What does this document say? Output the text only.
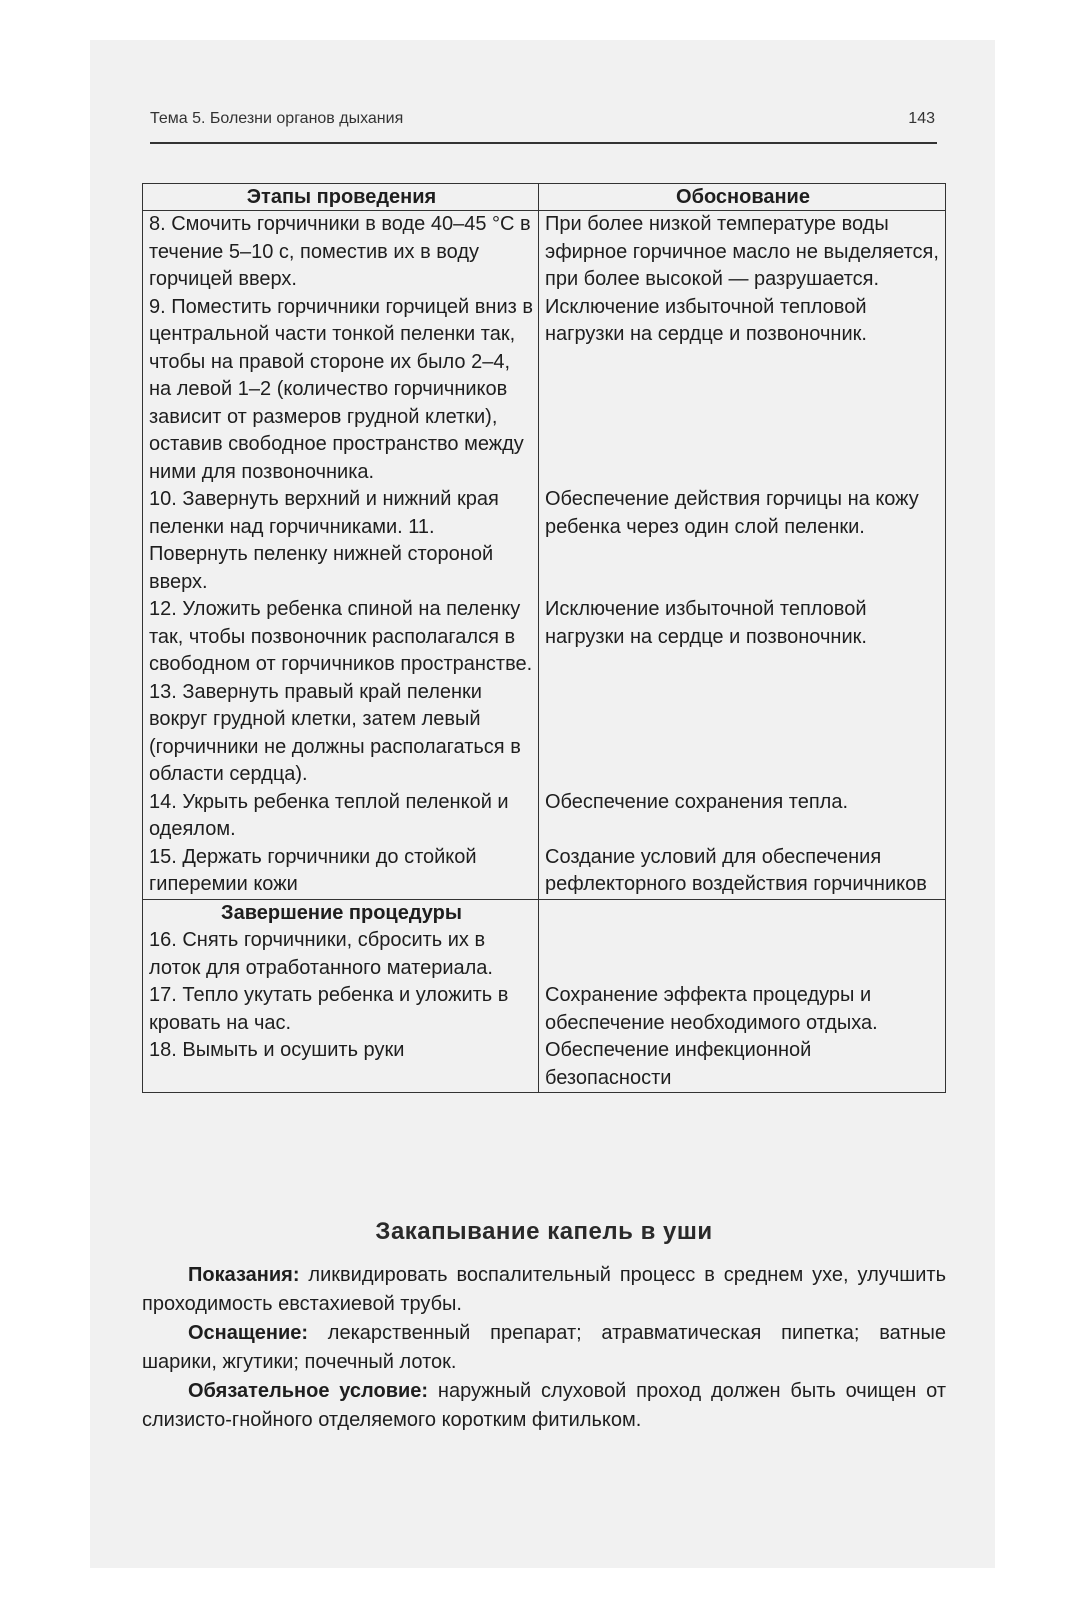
Тема 5. Болезни органов дыхания	143
Этапы проведения	Обоснование
8. Смочить горчичники в воде 40–45 °С в течение 5–10 с, поместив их в воду горчицей вверх.	При более низкой температуре воды эфирное горчичное масло не выделяется, при более высокой — разрушается.
9. Поместить горчичники горчицей вниз в центральной части тонкой пеленки так, чтобы на правой стороне их было 2–4, на левой 1–2 (количество горчичников зависит от размеров грудной клетки), оставив свободное пространство между ними для позвоночника.	Исключение избыточной тепловой нагрузки на сердце и позвоночник.
10. Завернуть верхний и нижний края пеленки над горчичниками. 11. Повернуть пеленку нижней стороной вверх.	Обеспечение действия горчицы на кожу ребенка через один слой пеленки.
12. Уложить ребенка спиной на пеленку так, чтобы позвоночник располагался в свободном от горчичников пространстве. 13. Завернуть правый край пеленки вокруг грудной клетки, затем левый (горчичники не должны располагаться в области сердца).	Исключение избыточной тепловой нагрузки на сердце и позвоночник.
14. Укрыть ребенка теплой пеленкой и одеялом.	Обеспечение сохранения тепла.
15. Держать горчичники до стойкой гиперемии кожи	Создание условий для обеспечения рефлекторного воздействия горчичников
Завершение процедуры	
16. Снять горчичники, сбросить их в лоток для отработанного материала.	
17. Тепло укутать ребенка и уложить в кровать на час.	Сохранение эффекта процедуры и обеспечение необходимого отдыха.
18. Вымыть и осушить руки	Обеспечение инфекционной безопасности
Закапывание капель в уши

Показания: ликвидировать воспалительный процесс в среднем ухе, улучшить проходимость евстахиевой трубы.

Оснащение: лекарственный препарат; атравматическая пипетка; ватные шарики, жгутики; почечный лоток.

Обязательное условие: наружный слуховой проход должен быть очищен от слизисто-гнойного отделяемого коротким фитильком.
